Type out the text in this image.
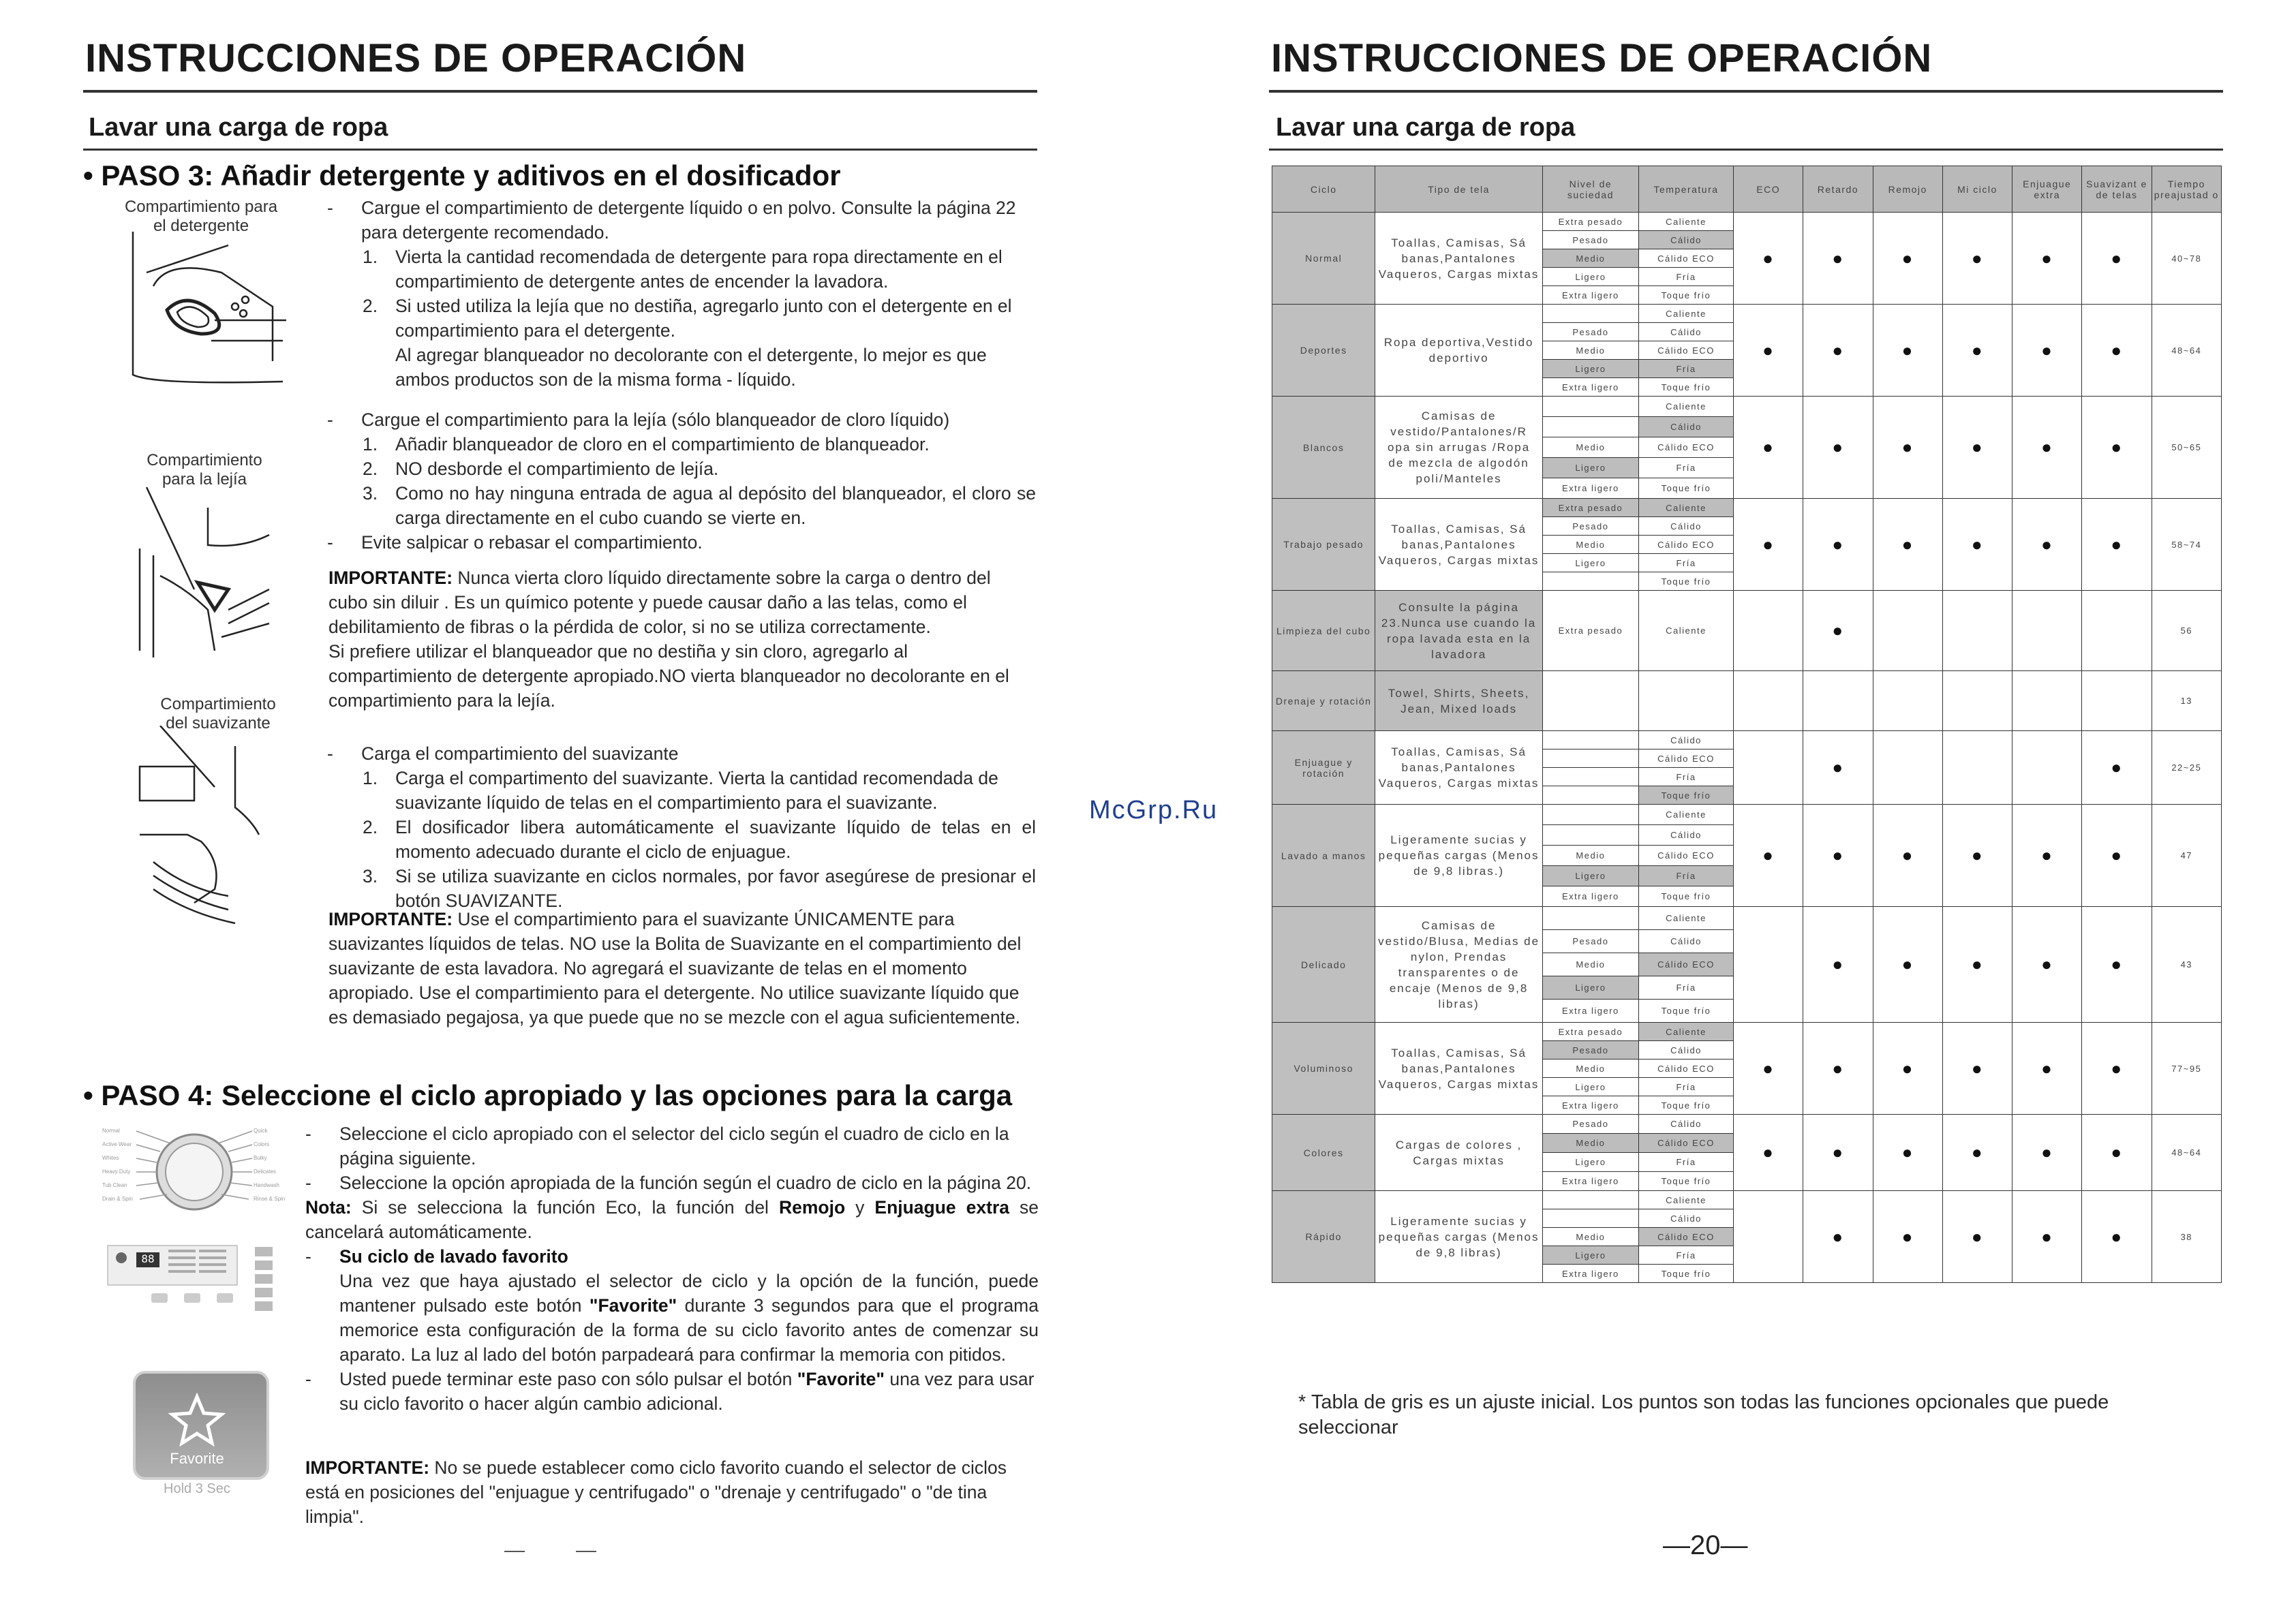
INSTRUCCIONES DE OPERACIÓN
Lavar una carga de ropa
• PASO 3: Añadir detergente y aditivos en el dosificador
Compartimiento para el detergente
Compartimiento para la lejía
Compartimiento del suavizante
- Cargue el compartimiento de detergente líquido o en polvo. Consulte la página 22 para detergente recomendado.
1. Vierta la cantidad recomendada de detergente para ropa directamente en el compartimiento de detergente antes de encender la lavadora.
2. Si usted utiliza la lejía que no destiña, agregarlo junto con el detergente en el compartimiento para el detergente.
Al agregar blanqueador no decolorante con el detergente, lo mejor es que ambos productos son de la misma forma - líquido.
- Cargue el compartimiento para la lejía (sólo blanqueador de cloro líquido)
1. Añadir blanqueador de cloro en el compartimiento de blanqueador.
2. NO desborde el compartimiento de lejía.
3. Como no hay ninguna entrada de agua al depósito del blanqueador, el cloro se carga directamente en el cubo cuando se vierte en.
- Evite salpicar o rebasar el compartimiento.
IMPORTANTE: Nunca vierta cloro líquido directamente sobre la carga o dentro del cubo sin diluir . Es un químico potente y puede causar daño a las telas, como el debilitamiento de fibras o la pérdida de color, si no se utiliza correctamente.
Si prefiere utilizar el blanqueador que no destiña y sin cloro, agregarlo al compartimiento de detergente apropiado.NO vierta blanqueador no decolorante en el compartimiento para la lejía.
- Carga el compartimiento del suavizante
1. Carga el compartimento del suavizante. Vierta la cantidad recomendada de suavizante líquido de telas en el compartimiento para el suavizante.
2. El dosificador libera automáticamente el suavizante líquido de telas en el momento adecuado durante el ciclo de enjuague.
3. Si se utiliza suavizante en ciclos normales, por favor asegúrese de presionar el botón SUAVIZANTE.
IMPORTANTE: Use el compartimiento para el suavizante ÚNICAMENTE para suavizantes líquidos de telas. NO use la Bolita de Suavizante en el compartimiento del suavizante de esta lavadora. No agregará el suavizante de telas en el momento apropiado. Use el compartimiento para el detergente. No utilice suavizante líquido que es demasiado pegajosa, ya que puede que no se mezcle con el agua suficientemente.
• PASO 4: Seleccione el ciclo apropiado y las opciones para la carga
Normal
Active Wear
Whites
Heavy Duty
Tub Clean
Drain & Spin
Quick
Colors
Bulky
Delicates
Handwash
Rinse & Spin
88
Favorite
Hold 3 Sec
- Seleccione el ciclo apropiado con el selector del ciclo según el cuadro de ciclo en la página siguiente.
- Seleccione la opción apropiada de la función según el cuadro de ciclo en la página 20.
Nota: Si se selecciona la función Eco, la función del Remojo y Enjuague extra se cancelará automáticamente.
- Su ciclo de lavado favorito
Una vez que haya ajustado el selector de ciclo y la opción de la función, puede mantener pulsado este botón "Favorite" durante 3 segundos para que el programa memorice esta configuración de la forma de su ciclo favorito antes de comenzar su aparato. La luz al lado del botón parpadeará para confirmar la memoria con pitidos.
- Usted puede terminar este paso con sólo pulsar el botón "Favorite" una vez para usar su ciclo favorito o hacer algún cambio adicional.
IMPORTANTE: No se puede establecer como ciclo favorito cuando el selector de ciclos está en posiciones del "enjuague y centrifugado" o "drenaje y centrifugado" o "de tina limpia".
McGrp.Ru
INSTRUCCIONES DE OPERACIÓN
Lavar una carga de ropa
Ciclo	Tipo de tela	Nivel de suciedad	Temperatura	ECO	Retardo	Remojo	Mi ciclo	Enjuague extra	Suavizant e de telas	Tiempo preajustad o
Normal	Toallas, Camisas, Sá banas,Pantalones Vaqueros, Cargas mixtas	Extra pesado	Caliente	●	●	●	●	●	●	40~78
		Pesado	Cálido							
		Medio	Cálido ECO							
		Ligero	Fría							
		Extra ligero	Toque frío							
Deportes	Ropa deportiva,Vestido deportivo		Caliente	●	●	●	●	●	●	48~64
		Pesado	Cálido							
		Medio	Cálido ECO							
		Ligero	Fría							
		Extra ligero	Toque frío							
Blancos	Camisas de vestido/Pantalones/R opa sin arrugas /Ropa de mezcla de algodón poli/Manteles		Caliente	●	●	●	●	●	●	50~65
			Cálido							
		Medio	Cálido ECO							
		Ligero	Fría							
		Extra ligero	Toque frío							
Trabajo pesado	Toallas, Camisas, Sá banas,Pantalones Vaqueros, Cargas mixtas	Extra pesado	Caliente	●	●	●	●	●	●	58~74
		Pesado	Cálido							
		Medio	Cálido ECO							
		Ligero	Fría							
			Toque frío							
Limpieza del cubo	Consulte la página 23.Nunca use cuando la ropa lavada esta en la lavadora	Extra pesado	Caliente		●					56
Drenaje y rotación	Towel, Shirts, Sheets, Jean, Mixed loads									13
Enjuague y rotación	Toallas, Camisas, Sá banas,Pantalones Vaqueros, Cargas mixtas		Cálido		●				●	22~25
			Cálido ECO							
			Fría							
			Toque frío							
Lavado a manos	Ligeramente sucias y pequeñas cargas (Menos de 9,8 libras.)		Caliente	●	●	●	●	●	●	47
			Cálido							
		Medio	Cálido ECO							
		Ligero	Fría							
		Extra ligero	Toque frío							
Delicado	Camisas de vestido/Blusa, Medias de nylon, Prendas transparentes o de encaje (Menos de 9,8 libras)		Caliente		●	●	●	●	●	43
		Pesado	Cálido							
		Medio	Cálido ECO							
		Ligero	Fría							
		Extra ligero	Toque frío							
Voluminoso	Toallas, Camisas, Sá banas,Pantalones Vaqueros, Cargas mixtas	Extra pesado	Caliente	●	●	●	●	●	●	77~95
		Pesado	Cálido							
		Medio	Cálido ECO							
		Ligero	Fría							
		Extra ligero	Toque frío							
Colores	Cargas de colores , Cargas mixtas	Pesado	Cálido	●	●	●	●	●	●	48~64
		Medio	Cálido ECO							
		Ligero	Fría							
		Extra ligero	Toque frío							
Rápido	Ligeramente sucias y pequeñas cargas (Menos de 9,8 libras)		Caliente		●	●	●	●	●	38
			Cálido							
		Medio	Cálido ECO							
		Ligero	Fría							
		Extra ligero	Toque frío							
* Tabla de gris es un ajuste inicial. Los puntos son todas las funciones opcionales que puede seleccionar
—20—
